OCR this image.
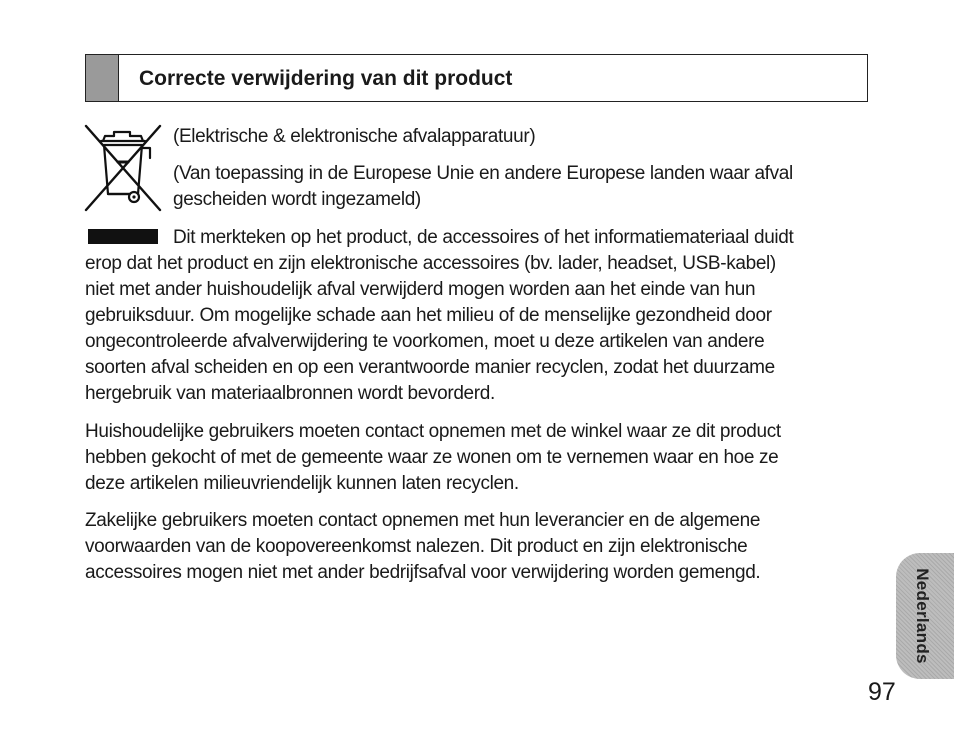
Correcte verwijdering van dit product
(Elektrische & elektronische afvalapparatuur)
(Van toepassing in de Europese Unie en andere Europese landen waar afval
gescheiden wordt ingezameld)
Dit merkteken op het product, de accessoires of het informatiemateriaal duidt
erop dat het product en zijn elektronische accessoires (bv. lader, headset, USB-kabel)
niet met ander huishoudelijk afval verwijderd mogen worden aan het einde van hun
gebruiksduur. Om mogelijke schade aan het milieu of de menselijke gezondheid door
ongecontroleerde afvalverwijdering te voorkomen, moet u deze artikelen van andere
soorten afval scheiden en op een verantwoorde manier recyclen, zodat het duurzame
hergebruik van materiaalbronnen wordt bevorderd.
Huishoudelijke gebruikers moeten contact opnemen met de winkel waar ze dit product
hebben gekocht of met de gemeente waar ze wonen om te vernemen waar en hoe ze
deze artikelen milieuvriendelijk kunnen laten recyclen.
Zakelijke gebruikers moeten contact opnemen met hun leverancier en de algemene
voorwaarden van de koopovereenkomst nalezen. Dit product en zijn elektronische
accessoires mogen niet met ander bedrijfsafval voor verwijdering worden gemengd.	Nederlands
97
